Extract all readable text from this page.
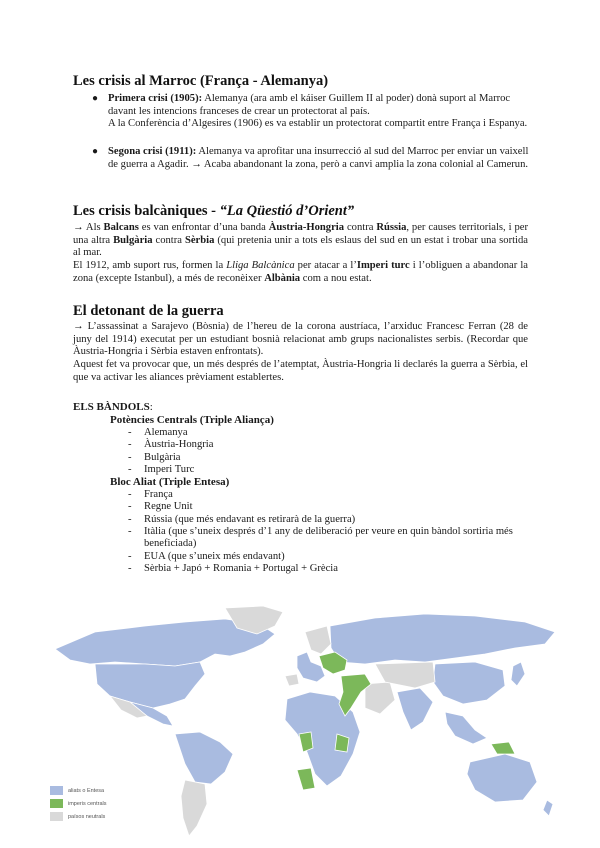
Les crisis al Marroc (França - Alemanya)
● Primera crisi (1905): Alemanya (ara amb el káiser Guillem II al poder) donà suport al Marroc davant les intencions franceses de crear un protectorat al país.
A la Conferència d’Algesires (1906) es va establir un protectorat compartit entre França i Espanya.
● Segona crisi (1911): Alemanya va aprofitar una insurrecció al sud del Marroc per enviar un vaixell de guerra a Agadir. → Acaba abandonant la zona, però a canvi amplia la zona colonial al Camerun.
Les crisis balcàniques - “La Qüestió d’Orient”

→ Als Balcans es van enfrontar d’una banda Àustria-Hongria contra Rússia, per causes territorials, i per una altra Bulgària contra Sèrbia (qui pretenia unir a tots els eslaus del sud en un estat i trobar una sortida al mar.

El 1912, amb suport rus, formen la Lliga Balcànica per atacar a l’Imperi turc i l’obliguen a abandonar la zona (excepte Istanbul), a més de reconèixer Albània com a nou estat.

El detonant de la guerra

→ L’assassinat a Sarajevo (Bòsnia) de l’hereu de la corona austríaca, l’arxiduc Francesc Ferran (28 de juny del 1914) executat per un estudiant bosnià relacionat amb grups nacionalistes serbis. (Recordar que Àustria-Hongria i Sèrbia estaven enfrontats).

Aquest fet va provocar que, un més després de l’atemptat, Àustria-Hongria li declarés la guerra a Sèrbia, el que va activar les aliances prèviament establertes.

ELS BÀNDOLS:
Potències Centrals (Triple Aliança)
- Alemanya
- Àustria-Hongria
- Bulgària
- Imperi Turc
Bloc Aliat (Triple Entesa)
- França
- Regne Unit
- Rússia (que més endavant es retirarà de la guerra)
- Itàlia (que s’uneix després d’1 any de deliberació per veure en quin bàndol sortiria més beneficiada)
- EUA (que s’uneix més endavant)
- Sèrbia + Japó + Romania + Portugal + Grècia
aliats o Entesa
imperis centrals
països neutrals
